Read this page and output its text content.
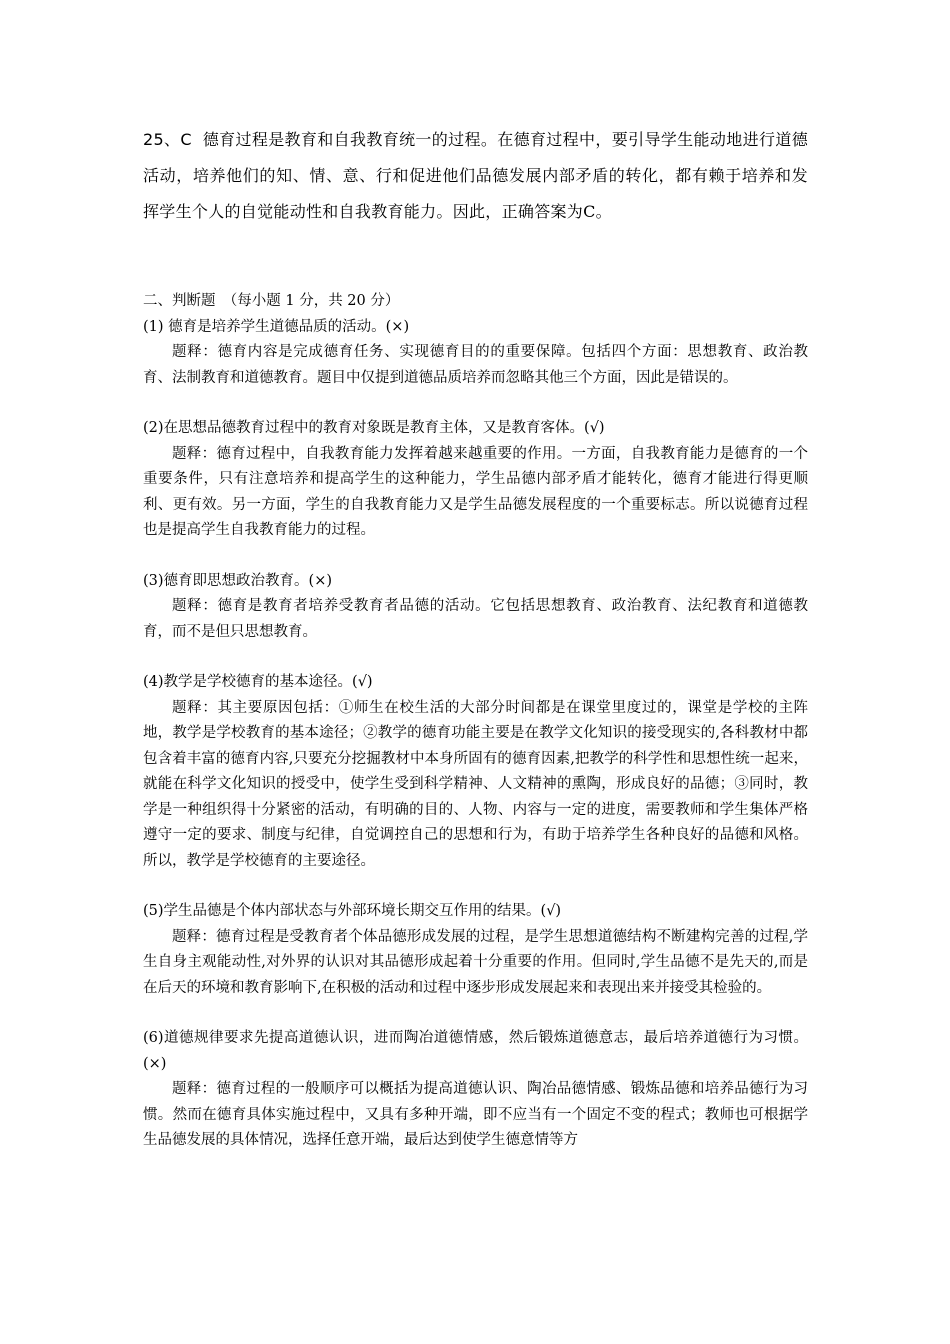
25、C 德育过程是教育和自我教育统一的过程。在德育过程中，要引导学生能动地进行道德活动，培养他们的知、情、意、行和促进他们品德发展内部矛盾的转化，都有赖于培养和发挥学生个人的自觉能动性和自我教育能力。因此，正确答案为C。

二、判断题　（每小题 1 分，共 20 分）

(1) 德育是培养学生道德品质的活动。(×)

题释：德育内容是完成德育任务、实现德育目的的重要保障。包括四个方面：思想教育、政治教育、法制教育和道德教育。题目中仅提到道德品质培养而忽略其他三个方面，因此是错误的。

(2)在思想品德教育过程中的教育对象既是教育主体，又是教育客体。(√)

题释：德育过程中，自我教育能力发挥着越来越重要的作用。一方面，自我教育能力是德育的一个重要条件，只有注意培养和提高学生的这种能力，学生品德内部矛盾才能转化，德育才能进行得更顺利、更有效。另一方面，学生的自我教育能力又是学生品德发展程度的一个重要标志。所以说德育过程也是提高学生自我教育能力的过程。

(3)德育即思想政治教育。(×)

题释：德育是教育者培养受教育者品德的活动。它包括思想教育、政治教育、法纪教育和道德教育，而不是但只思想教育。

(4)教学是学校德育的基本途径。(√)

题释：其主要原因包括：①师生在校生活的大部分时间都是在课堂里度过的，课堂是学校的主阵地，教学是学校教育的基本途径；②教学的德育功能主要是在教学文化知识的接受现实的,各科教材中都包含着丰富的德育内容,只要充分挖掘教材中本身所固有的德育因素,把教学的科学性和思想性统一起来，就能在科学文化知识的授受中，使学生受到科学精神、人文精神的熏陶，形成良好的品德；③同时，教学是一种组织得十分紧密的活动，有明确的目的、人物、内容与一定的进度，需要教师和学生集体严格遵守一定的要求、制度与纪律，自觉调控自己的思想和行为，有助于培养学生各种良好的品德和风格。所以，教学是学校德育的主要途径。

(5)学生品德是个体内部状态与外部环境长期交互作用的结果。(√)

题释：德育过程是受教育者个体品德形成发展的过程，是学生思想道德结构不断建构完善的过程,学生自身主观能动性,对外界的认识对其品德形成起着十分重要的作用。但同时,学生品德不是先天的,而是在后天的环境和教育影响下,在积极的活动和过程中逐步形成发展起来和表现出来并接受其检验的。

(6)道德规律要求先提高道德认识，进而陶冶道德情感，然后锻炼道德意志，最后培养道德行为习惯。(×)

题释：德育过程的一般顺序可以概括为提高道德认识、陶冶品德情感、锻炼品德和培养品德行为习惯。然而在德育具体实施过程中，又具有多种开端，即不应当有一个固定不变的程式；教师也可根据学生品德发展的具体情况，选择任意开端，最后达到使学生德意情等方
